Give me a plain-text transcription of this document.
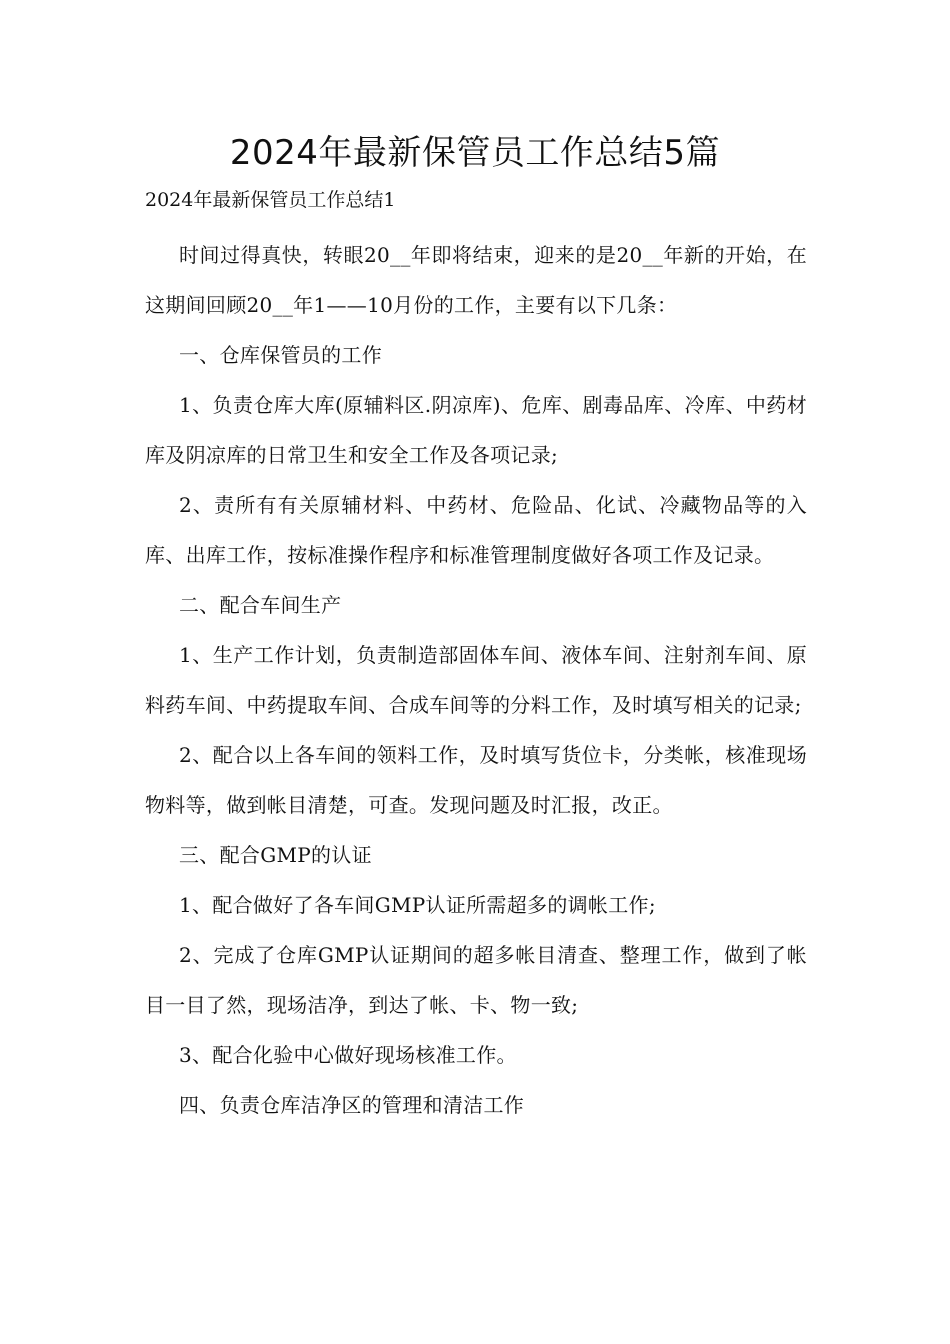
2024年最新保管员工作总结5篇

2024年最新保管员工作总结1

时间过得真快，转眼20__年即将结束，迎来的是20__年新的开始，在这期间回顾20__年1——10月份的工作，主要有以下几条：

一、仓库保管员的工作

1、负责仓库大库(原辅料区.阴凉库)、危库、剧毒品库、冷库、中药材库及阴凉库的日常卫生和安全工作及各项记录;

2、责所有有关原辅材料、中药材、危险品、化试、冷藏物品等的入库、出库工作，按标准操作程序和标准管理制度做好各项工作及记录。

二、配合车间生产

1、生产工作计划，负责制造部固体车间、液体车间、注射剂车间、原料药车间、中药提取车间、合成车间等的分料工作，及时填写相关的记录;

2、配合以上各车间的领料工作，及时填写货位卡，分类帐，核准现场物料等，做到帐目清楚，可查。发现问题及时汇报，改正。

三、配合GMP的认证

1、配合做好了各车间GMP认证所需超多的调帐工作;

2、完成了仓库GMP认证期间的超多帐目清查、整理工作，做到了帐目一目了然，现场洁净，到达了帐、卡、物一致;

3、配合化验中心做好现场核准工作。

四、负责仓库洁净区的管理和清洁工作
